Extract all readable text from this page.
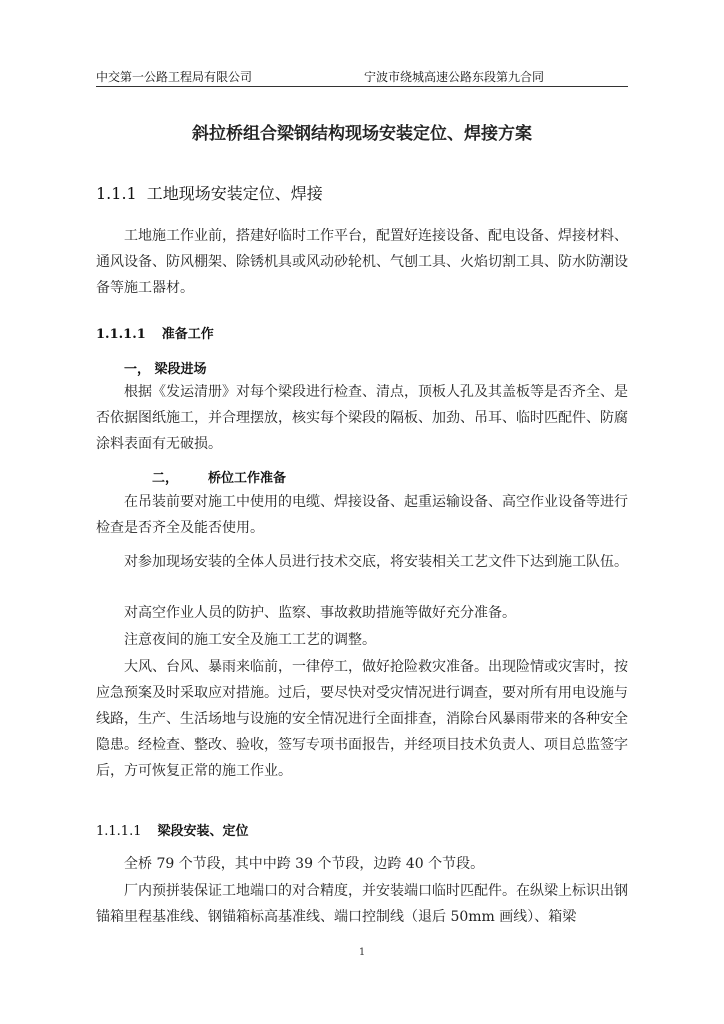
中交第一公路工程局有限公司	宁波市绕城高速公路东段第九合同
斜拉桥组合梁钢结构现场安装定位、焊接方案
1.1.1 工地现场安装定位、焊接

工地施工作业前，搭建好临时工作平台，配置好连接设备、配电设备、焊接材料、通风设备、防风棚架、除锈机具或风动砂轮机、气刨工具、火焰切割工具、防水防潮设备等施工器材。

1.1.1.1 准备工作
一， 梁段进场

根据《发运清册》对每个梁段进行检查、清点，顶板人孔及其盖板等是否齐全、是否依据图纸施工，并合理摆放，核实每个梁段的隔板、加劲、吊耳、临时匹配件、防腐涂料表面有无破损。

二， 桥位工作准备

在吊装前要对施工中使用的电缆、焊接设备、起重运输设备、高空作业设备等进行检查是否齐全及能否使用。

对参加现场安装的全体人员进行技术交底，将安装相关工艺文件下达到施工队伍。

对高空作业人员的防护、监察、事故救助措施等做好充分准备。

注意夜间的施工安全及施工工艺的调整。

大风、台风、暴雨来临前，一律停工，做好抢险救灾准备。出现险情或灾害时，按应急预案及时采取应对措施。过后，要尽快对受灾情况进行调查，要对所有用电设施与线路，生产、生活场地与设施的安全情况进行全面排查，消除台风暴雨带来的各种安全隐患。经检查、整改、验收，签写专项书面报告，并经项目技术负责人、项目总监签字后，方可恢复正常的施工作业。

1.1.1.1 梁段安装、定位

全桥 79 个节段，其中中跨 39 个节段，边跨 40 个节段。

厂内预拼装保证工地端口的对合精度，并安装端口临时匹配件。在纵梁上标识出钢锚箱里程基准线、钢锚箱标高基准线、端口控制线（退后 50mm 画线）、箱梁

1
